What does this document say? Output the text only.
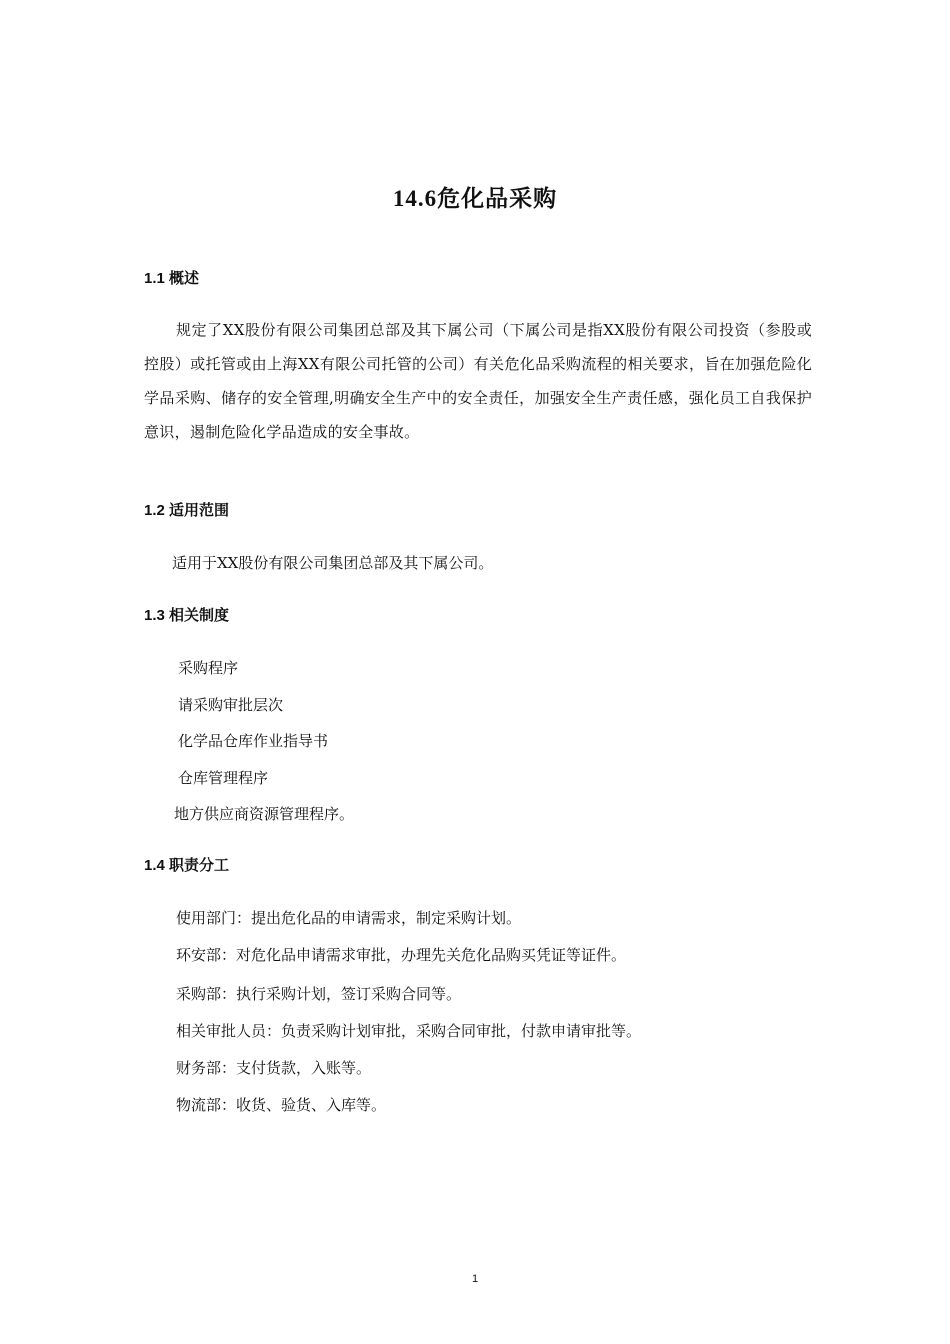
14.6危化品采购
1.1 概述

规定了XX股份有限公司集团总部及其下属公司（下属公司是指XX股份有限公司投资（参股或控股）或托管或由上海XX有限公司托管的公司）有关危化品采购流程的相关要求，旨在加强危险化学品采购、储存的安全管理,明确安全生产中的安全责任，加强安全生产责任感，强化员工自我保护意识，遏制危险化学品造成的安全事故。

1.2 适用范围
适用于XX股份有限公司集团总部及其下属公司。
1.3 相关制度
采购程序
请采购审批层次
化学品仓库作业指导书
仓库管理程序
地方供应商资源管理程序。
1.4 职责分工
使用部门：提出危化品的申请需求，制定采购计划。
环安部：对危化品申请需求审批，办理先关危化品购买凭证等证件。
采购部：执行采购计划，签订采购合同等。
相关审批人员：负责采购计划审批，采购合同审批，付款申请审批等。
财务部：支付货款，入账等。
物流部：收货、验货、入库等。
1
